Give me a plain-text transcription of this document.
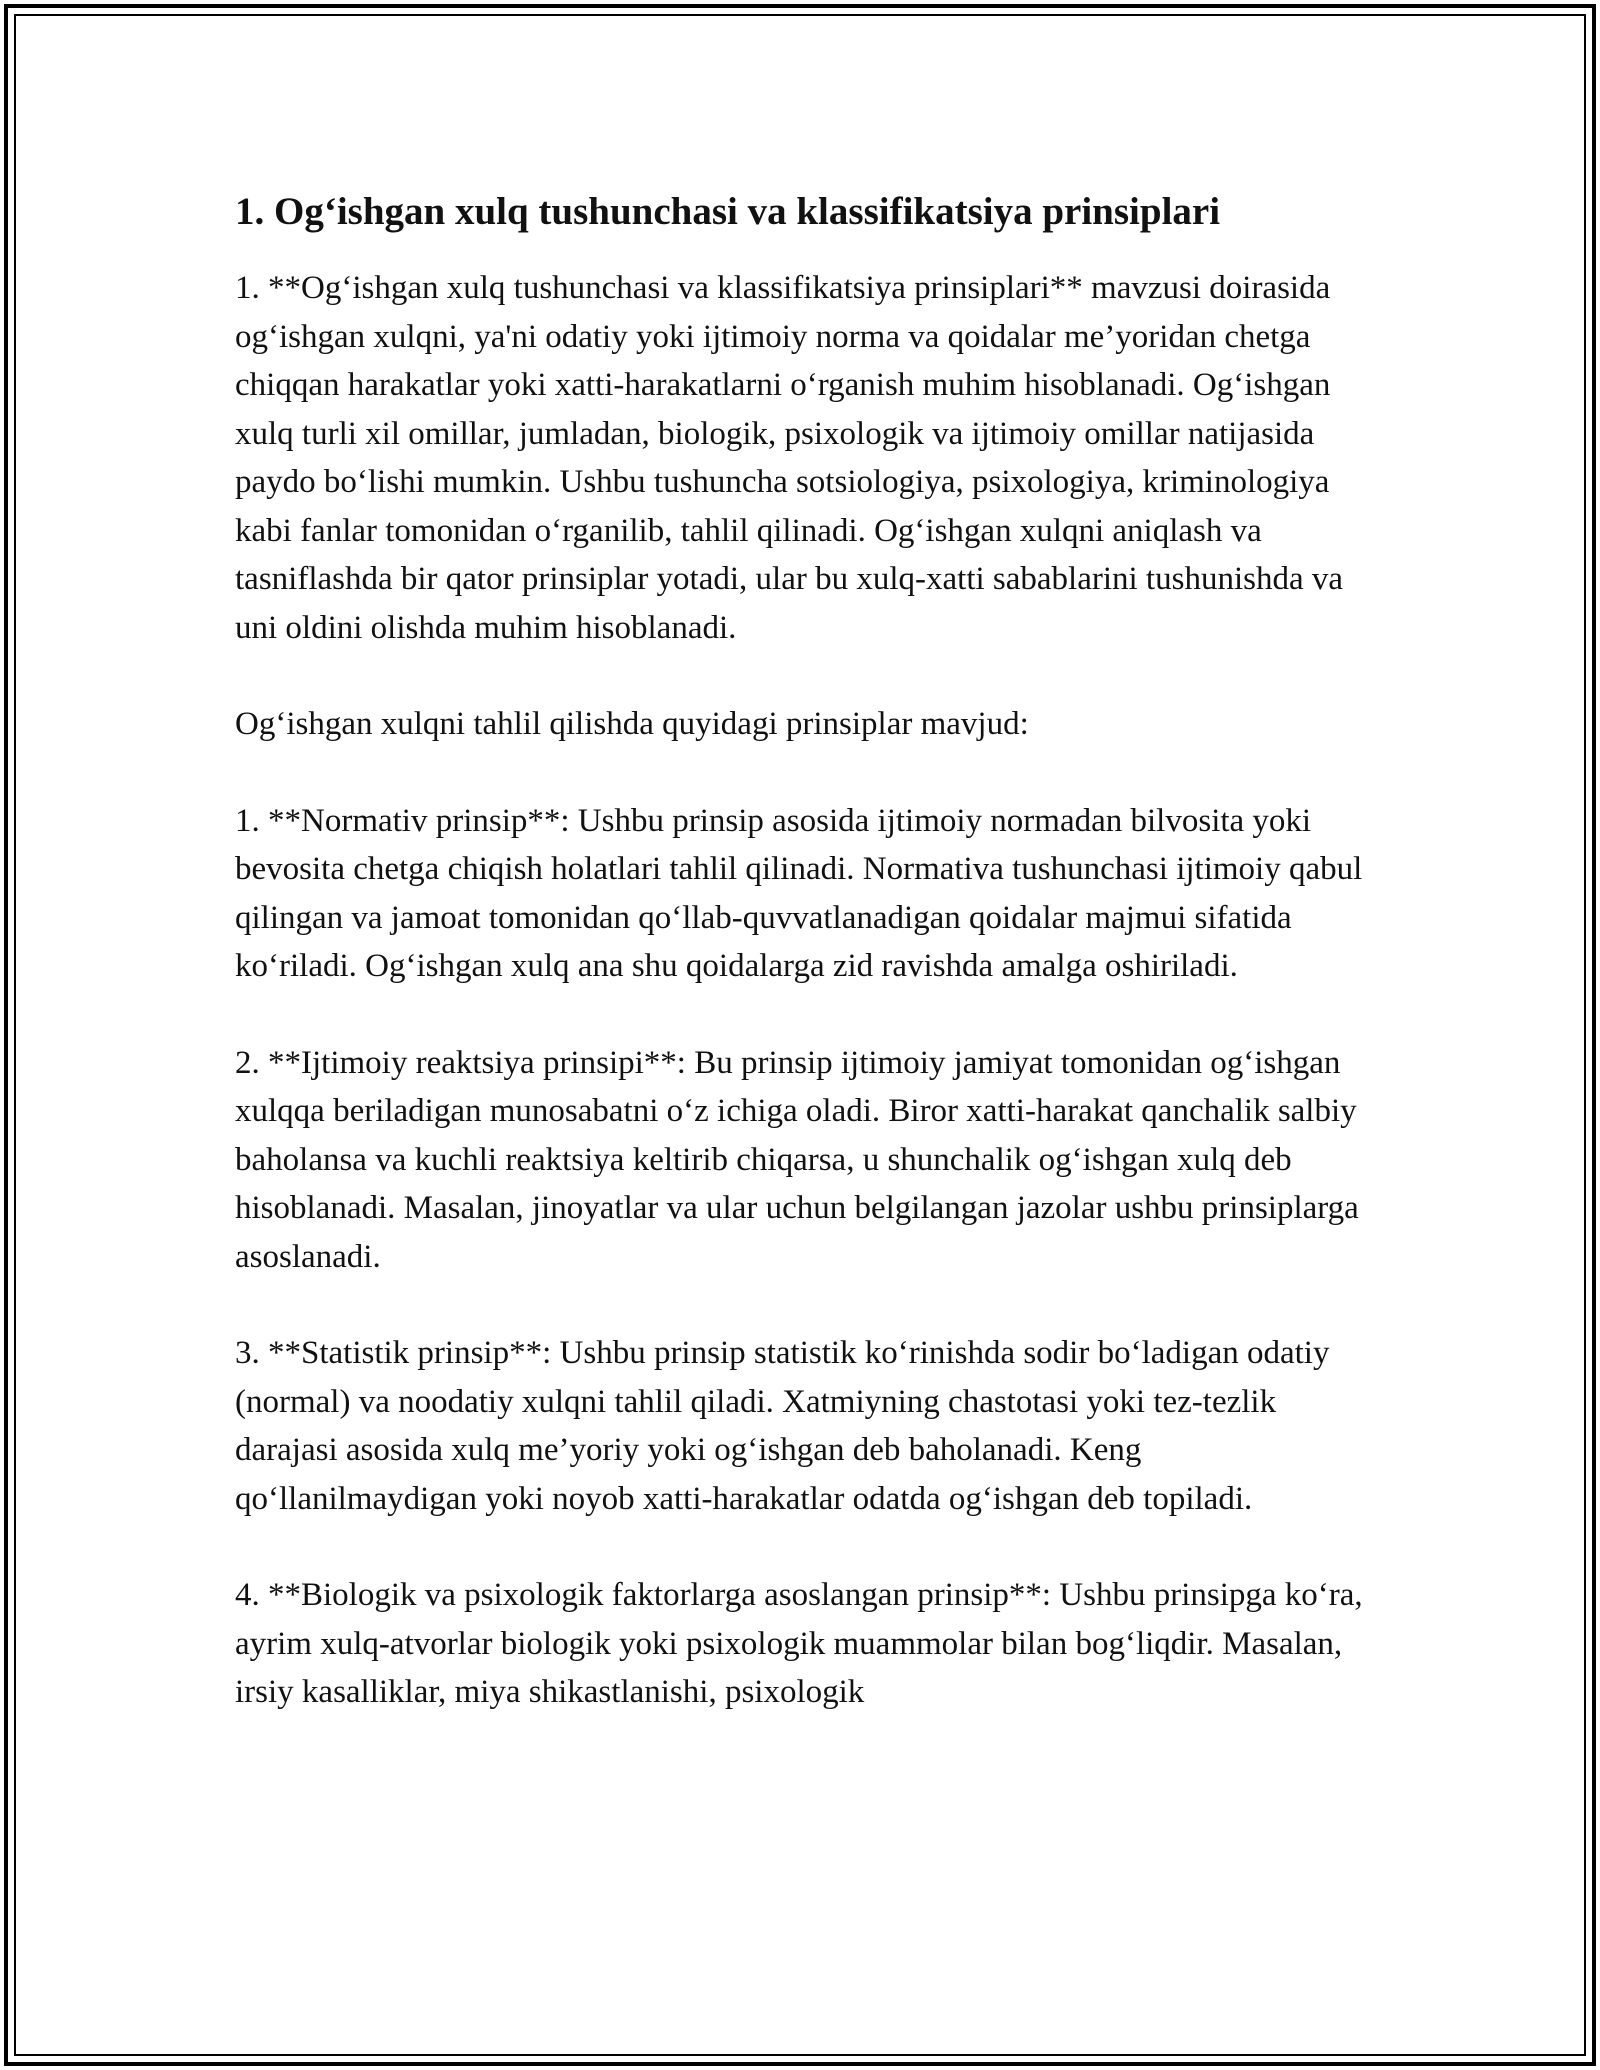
1. Og‘ishgan xulq tushunchasi va klassifikatsiya prinsiplari

1. **Og‘ishgan xulq tushunchasi va klassifikatsiya prinsiplari** mavzusi doirasida og‘ishgan xulqni, ya'ni odatiy yoki ijtimoiy norma va qoidalar me’yoridan chetga chiqqan harakatlar yoki xatti-harakatlarni o‘rganish muhim hisoblanadi. Og‘ishgan xulq turli xil omillar, jumladan, biologik, psixologik va ijtimoiy omillar natijasida paydo bo‘lishi mumkin. Ushbu tushuncha sotsiologiya, psixologiya, kriminologiya kabi fanlar tomonidan o‘rganilib, tahlil qilinadi. Og‘ishgan xulqni aniqlash va tasniflashda bir qator prinsiplar yotadi, ular bu xulq-xatti sabablarini tushunishda va uni oldini olishda muhim hisoblanadi.

Og‘ishgan xulqni tahlil qilishda quyidagi prinsiplar mavjud:

1. **Normativ prinsip**: Ushbu prinsip asosida ijtimoiy normadan bilvosita yoki bevosita chetga chiqish holatlari tahlil qilinadi. Normativa tushunchasi ijtimoiy qabul qilingan va jamoat tomonidan qo‘llab-quvvatlanadigan qoidalar majmui sifatida ko‘riladi. Og‘ishgan xulq ana shu qoidalarga zid ravishda amalga oshiriladi.

2. **Ijtimoiy reaktsiya prinsipi**: Bu prinsip ijtimoiy jamiyat tomonidan og‘ishgan xulqqa beriladigan munosabatni o‘z ichiga oladi. Biror xatti-harakat qanchalik salbiy baholansa va kuchli reaktsiya keltirib chiqarsa, u shunchalik og‘ishgan xulq deb hisoblanadi. Masalan, jinoyatlar va ular uchun belgilangan jazolar ushbu prinsiplarga asoslanadi.

3. **Statistik prinsip**: Ushbu prinsip statistik ko‘rinishda sodir bo‘ladigan odatiy (normal) va noodatiy xulqni tahlil qiladi. Xatmiyning chastotasi yoki tez-tezlik darajasi asosida xulq me’yoriy yoki og‘ishgan deb baholanadi. Keng qo‘llanilmaydigan yoki noyob xatti-harakatlar odatda og‘ishgan deb topiladi.

4. **Biologik va psixologik faktorlarga asoslangan prinsip**: Ushbu prinsipga ko‘ra, ayrim xulq-atvorlar biologik yoki psixologik muammolar bilan bog‘liqdir. Masalan, irsiy kasalliklar, miya shikastlanishi, psixologik
